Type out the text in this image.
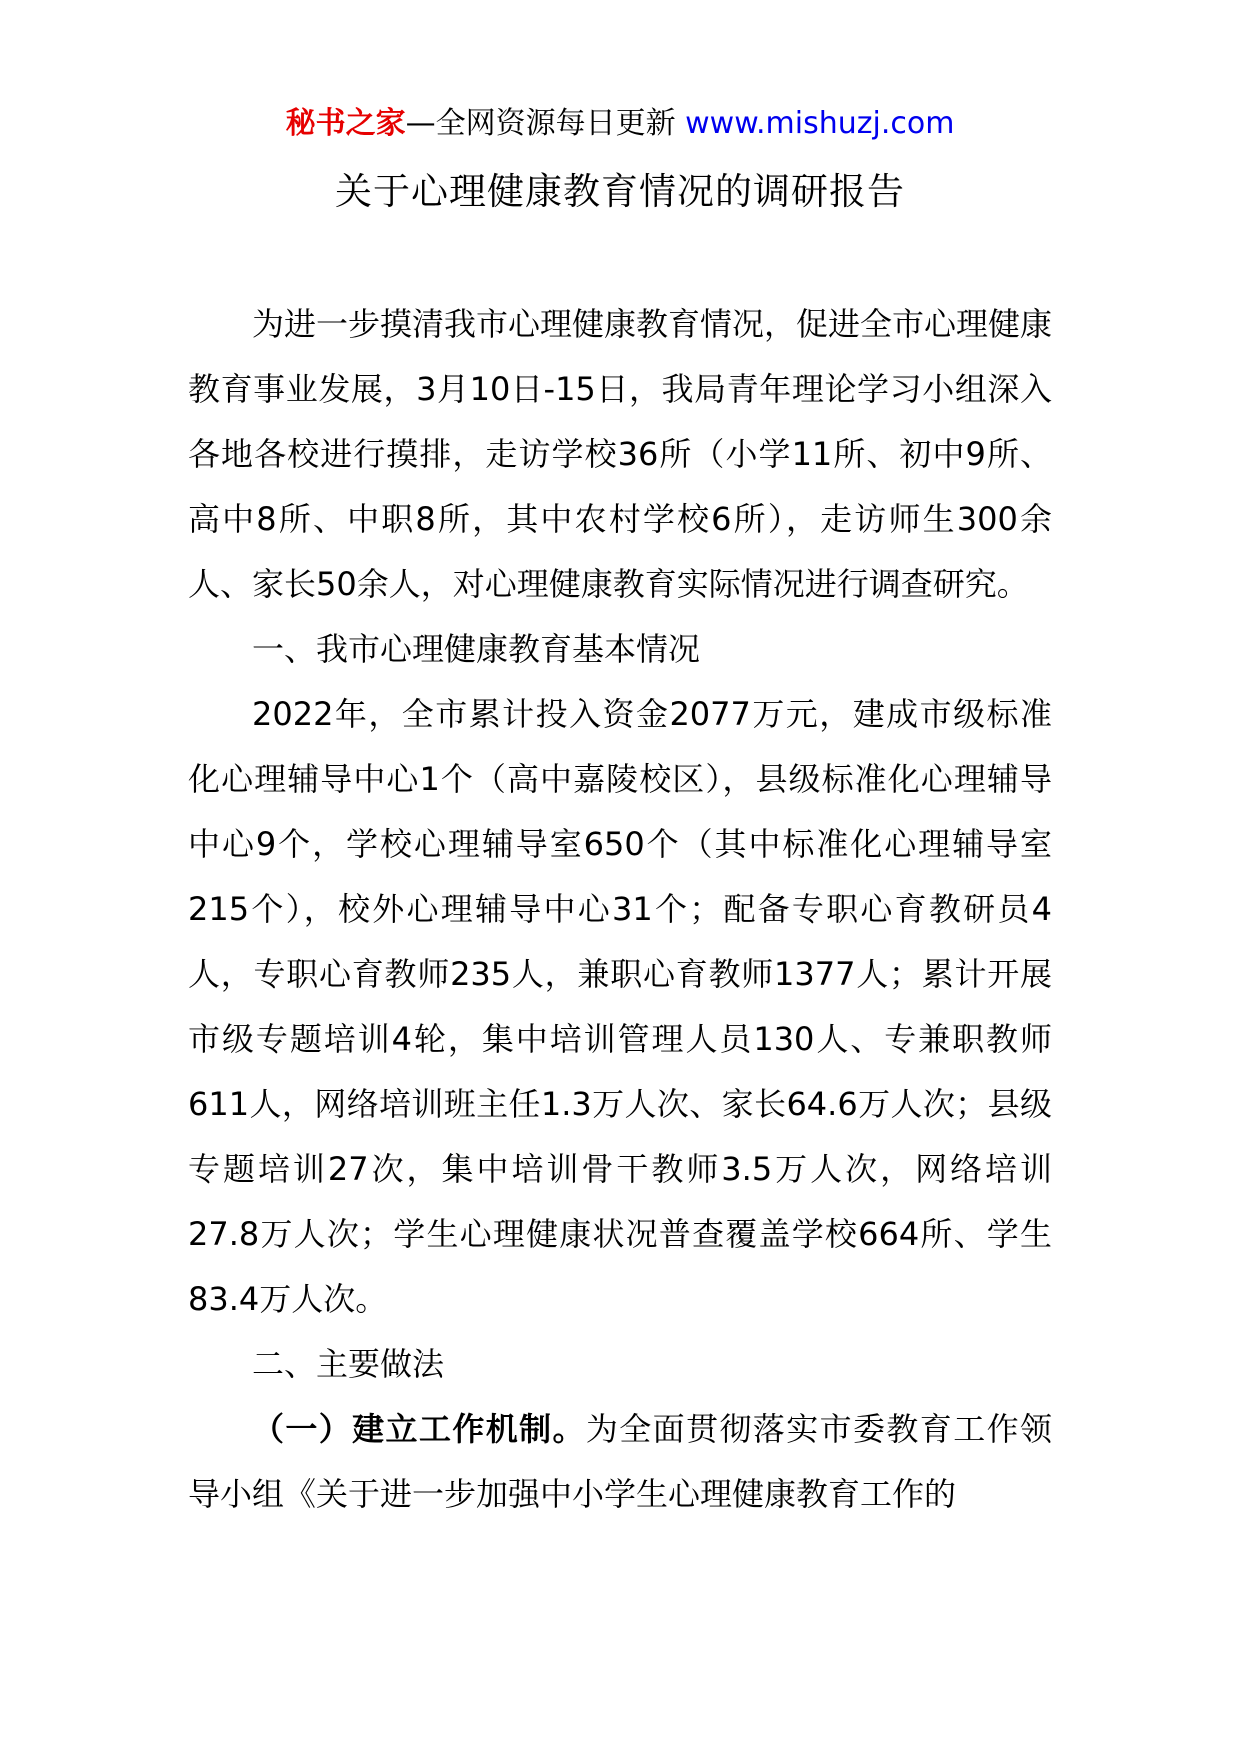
秘书之家—全网资源每日更新 www.mishuzj.com
关于心理健康教育情况的调研报告

为进一步摸清我市心理健康教育情况，促进全市心理健康教育事业发展，3月10日-15日，我局青年理论学习小组深入各地各校进行摸排，走访学校36所（小学11所、初中9所、高中8所、中职8所，其中农村学校6所），走访师生300余人、家长50余人，对心理健康教育实际情况进行调查研究。

一、我市心理健康教育基本情况

2022年，全市累计投入资金2077万元，建成市级标准化心理辅导中心1个（高中嘉陵校区），县级标准化心理辅导中心9个，学校心理辅导室650个（其中标准化心理辅导室215个），校外心理辅导中心31个；配备专职心育教研员4人，专职心育教师235人，兼职心育教师1377人；累计开展市级专题培训4轮，集中培训管理人员130人、专兼职教师611人，网络培训班主任1.3万人次、家长64.6万人次；县级专题培训27次，集中培训骨干教师3.5万人次，网络培训27.8万人次；学生心理健康状况普查覆盖学校664所、学生83.4万人次。

二、主要做法

（一）建立工作机制。为全面贯彻落实市委教育工作领导小组《关于进一步加强中小学生心理健康教育工作的
